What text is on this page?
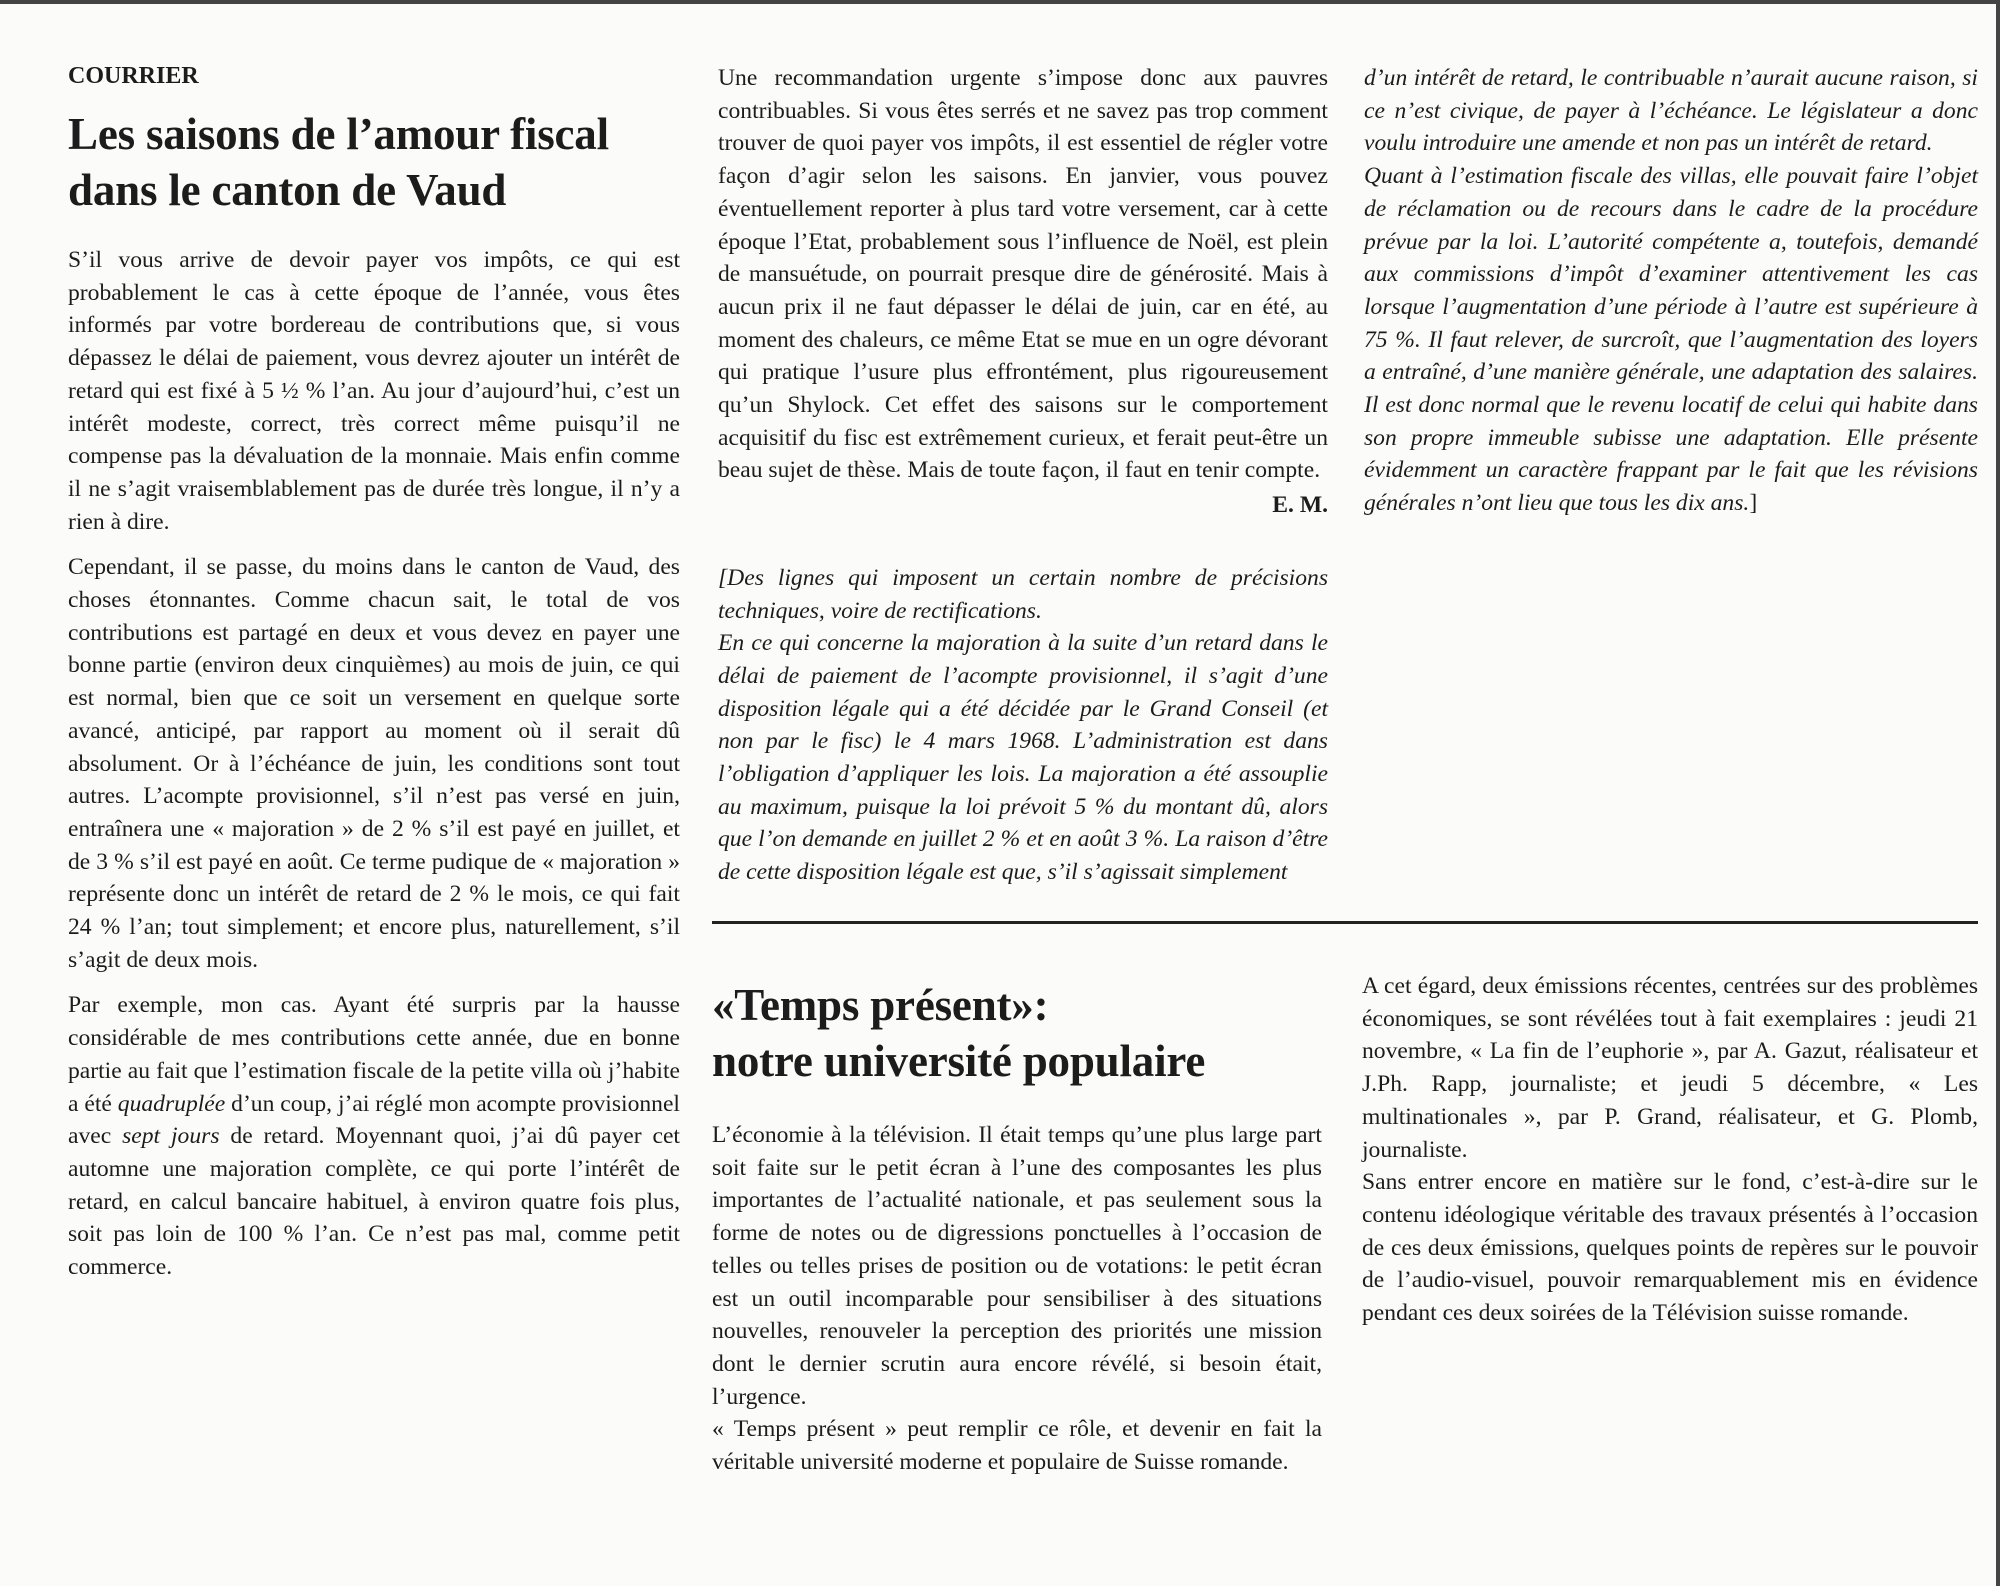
COURRIER
Les saisons de l’amour fiscal
dans le canton de Vaud

S’il vous arrive de devoir payer vos impôts, ce qui est probablement le cas à cette époque de l’année, vous êtes informés par votre bordereau de contributions que, si vous dépassez le délai de paiement, vous devrez ajouter un intérêt de retard qui est fixé à 5 ½ % l’an. Au jour d’aujourd’hui, c’est un intérêt modeste, correct, très correct même puisqu’il ne compense pas la dévaluation de la monnaie. Mais enfin comme il ne s’agit vraisemblablement pas de durée très longue, il n’y a rien à dire.

Cependant, il se passe, du moins dans le canton de Vaud, des choses étonnantes. Comme chacun sait, le total de vos contributions est partagé en deux et vous devez en payer une bonne partie (environ deux cinquièmes) au mois de juin, ce qui est normal, bien que ce soit un versement en quelque sorte avancé, anticipé, par rapport au moment où il serait dû absolument. Or à l’échéance de juin, les conditions sont tout autres. L’acompte provisionnel, s’il n’est pas versé en juin, entraînera une « majoration » de 2 % s’il est payé en juillet, et de 3 % s’il est payé en août. Ce terme pudique de « majoration » représente donc un intérêt de retard de 2 % le mois, ce qui fait 24 % l’an; tout simplement; et encore plus, naturellement, s’il s’agit de deux mois.

Par exemple, mon cas. Ayant été surpris par la hausse considérable de mes contributions cette année, due en bonne partie au fait que l’estimation fiscale de la petite villa où j’habite a été quadruplée d’un coup, j’ai réglé mon acompte provisionnel avec sept jours de retard. Moyennant quoi, j’ai dû payer cet automne une majoration complète, ce qui porte l’intérêt de retard, en calcul bancaire habituel, à environ quatre fois plus, soit pas loin de 100 % l’an. Ce n’est pas mal, comme petit commerce.

Une recommandation urgente s’impose donc aux pauvres contribuables. Si vous êtes serrés et ne savez pas trop comment trouver de quoi payer vos impôts, il est essentiel de régler votre façon d’agir selon les saisons. En janvier, vous pouvez éventuellement reporter à plus tard votre versement, car à cette époque l’Etat, probablement sous l’influence de Noël, est plein de mansuétude, on pourrait presque dire de générosité. Mais à aucun prix il ne faut dépasser le délai de juin, car en été, au moment des chaleurs, ce même Etat se mue en un ogre dévorant qui pratique l’usure plus effrontément, plus rigoureusement qu’un Shylock. Cet effet des saisons sur le comportement acquisitif du fisc est extrêmement curieux, et ferait peut-être un beau sujet de thèse. Mais de toute façon, il faut en tenir compte.

E. M.

[Des lignes qui imposent un certain nombre de précisions techniques, voire de rectifications.

En ce qui concerne la majoration à la suite d’un retard dans le délai de paiement de l’acompte provisionnel, il s’agit d’une disposition légale qui a été décidée par le Grand Conseil (et non par le fisc) le 4 mars 1968. L’administration est dans l’obligation d’appliquer les lois. La majoration a été assouplie au maximum, puisque la loi prévoit 5 % du montant dû, alors que l’on demande en juillet 2 % et en août 3 %. La raison d’être de cette disposition légale est que, s’il s’agissait simplement

d’un intérêt de retard, le contribuable n’aurait aucune raison, si ce n’est civique, de payer à l’échéance. Le législateur a donc voulu introduire une amende et non pas un intérêt de retard.

Quant à l’estimation fiscale des villas, elle pouvait faire l’objet de réclamation ou de recours dans le cadre de la procédure prévue par la loi. L’autorité compétente a, toutefois, demandé aux commissions d’impôt d’examiner attentivement les cas lorsque l’augmentation d’une période à l’autre est supérieure à 75 %. Il faut relever, de surcroît, que l’augmentation des loyers a entraîné, d’une manière générale, une adaptation des salaires. Il est donc normal que le revenu locatif de celui qui habite dans son propre immeuble subisse une adaptation. Elle présente évidemment un caractère frappant par le fait que les révisions générales n’ont lieu que tous les dix ans.]

«Temps présent»:
notre université populaire

L’économie à la télévision. Il était temps qu’une plus large part soit faite sur le petit écran à l’une des composantes les plus importantes de l’actualité nationale, et pas seulement sous la forme de notes ou de digressions ponctuelles à l’occasion de telles ou telles prises de position ou de votations: le petit écran est un outil incomparable pour sensibiliser à des situations nouvelles, renouveler la perception des priorités une mission dont le dernier scrutin aura encore révélé, si besoin était, l’urgence.

« Temps présent » peut remplir ce rôle, et devenir en fait la véritable université moderne et populaire de Suisse romande.

A cet égard, deux émissions récentes, centrées sur des problèmes économiques, se sont révélées tout à fait exemplaires : jeudi 21 novembre, « La fin de l’euphorie », par A. Gazut, réalisateur et J.Ph. Rapp, journaliste; et jeudi 5 décembre, « Les multinationales », par P. Grand, réalisateur, et G. Plomb, journaliste.

Sans entrer encore en matière sur le fond, c’est-à-dire sur le contenu idéologique véritable des travaux présentés à l’occasion de ces deux émissions, quelques points de repères sur le pouvoir de l’audio-visuel, pouvoir remarquablement mis en évidence pendant ces deux soirées de la Télévision suisse romande.
